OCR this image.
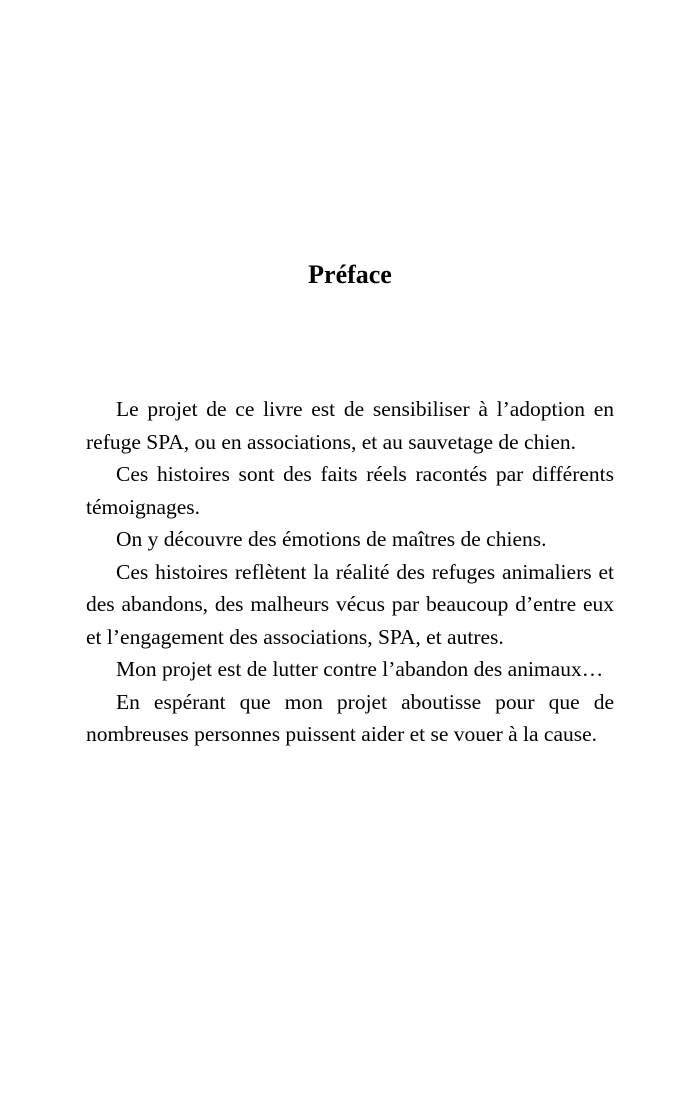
Préface

Le projet de ce livre est de sensibiliser à l’adoption en refuge SPA, ou en associations, et au sauvetage de chien.

Ces histoires sont des faits réels racontés par différents témoignages.

On y découvre des émotions de maîtres de chiens.

Ces histoires reflètent la réalité des refuges animaliers et des abandons, des malheurs vécus par beaucoup d’entre eux et l’engagement des associations, SPA, et autres.

Mon projet est de lutter contre l’abandon des animaux…

En espérant que mon projet aboutisse pour que de nombreuses personnes puissent aider et se vouer à la cause.
